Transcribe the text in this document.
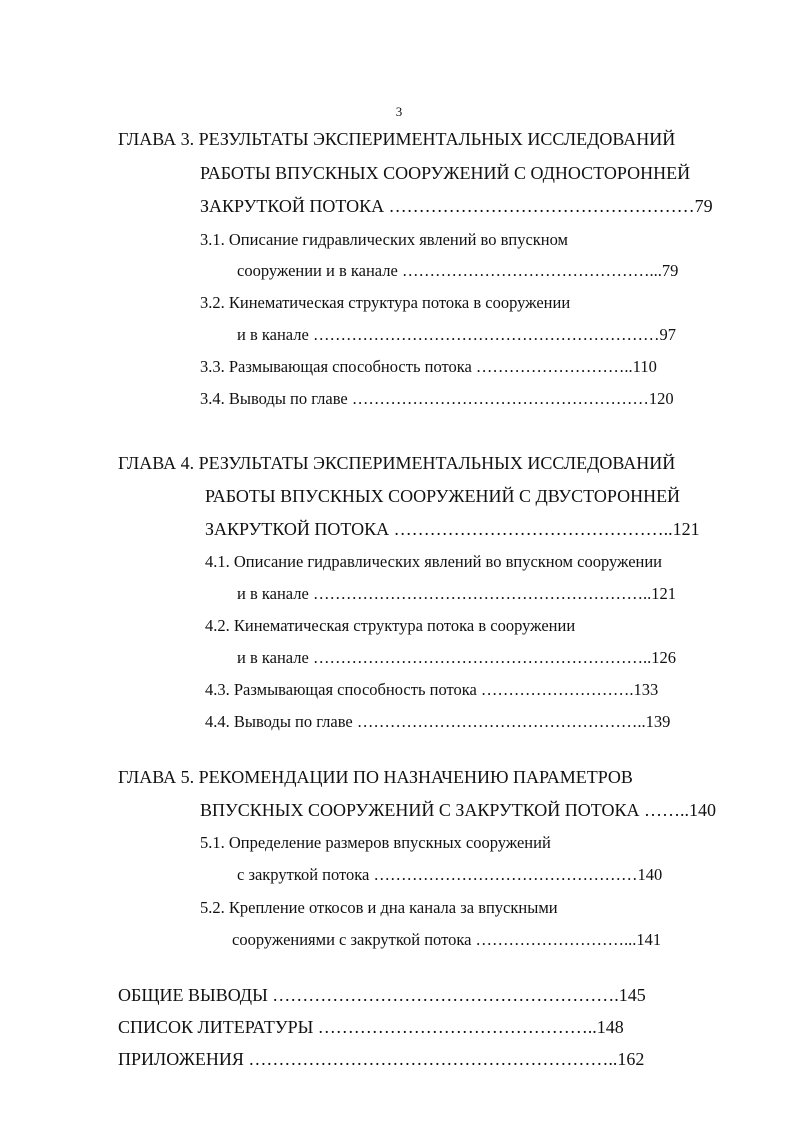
3
ГЛАВА 3. РЕЗУЛЬТАТЫ ЭКСПЕРИМЕНТАЛЬНЫХ ИССЛЕДОВАНИЙ
РАБОТЫ ВПУСКНЫХ СООРУЖЕНИЙ С ОДНОСТОРОННЕЙ
ЗАКРУТКОЙ ПОТОКА ……………………………………………79
3.1. Описание гидравлических явлений во впускном
сооружении и в канале ………………………………………...79
3.2. Кинематическая структура потока в сооружении
и в канале ………………………………………………………97
3.3. Размывающая способность потока ………………………..110
3.4. Выводы по главе ………………………………………………120
ГЛАВА 4. РЕЗУЛЬТАТЫ ЭКСПЕРИМЕНТАЛЬНЫХ ИССЛЕДОВАНИЙ
РАБОТЫ ВПУСКНЫХ СООРУЖЕНИЙ С ДВУСТОРОННЕЙ
ЗАКРУТКОЙ ПОТОКА ………………………………………..121
4.1. Описание гидравлических явлений во впускном сооружении
и в канале ……………………………………………………..121
4.2. Кинематическая структура потока в сооружении
и в канале ……………………………………………………..126
4.3. Размывающая способность потока ……………………….133
4.4. Выводы по главе ……………………………………………..139
ГЛАВА 5. РЕКОМЕНДАЦИИ ПО НАЗНАЧЕНИЮ ПАРАМЕТРОВ
ВПУСКНЫХ СООРУЖЕНИЙ С ЗАКРУТКОЙ ПОТОКА ……..140
5.1. Определение размеров впускных сооружений
с закруткой потока …………………………………………140
5.2. Крепление откосов и дна канала за впускными
сооружениями с закруткой потока ………………………...141
ОБЩИЕ ВЫВОДЫ ………………………………………………….145
СПИСОК ЛИТЕРАТУРЫ ………………………………………..148
ПРИЛОЖЕНИЯ ……………………………………………………..162
